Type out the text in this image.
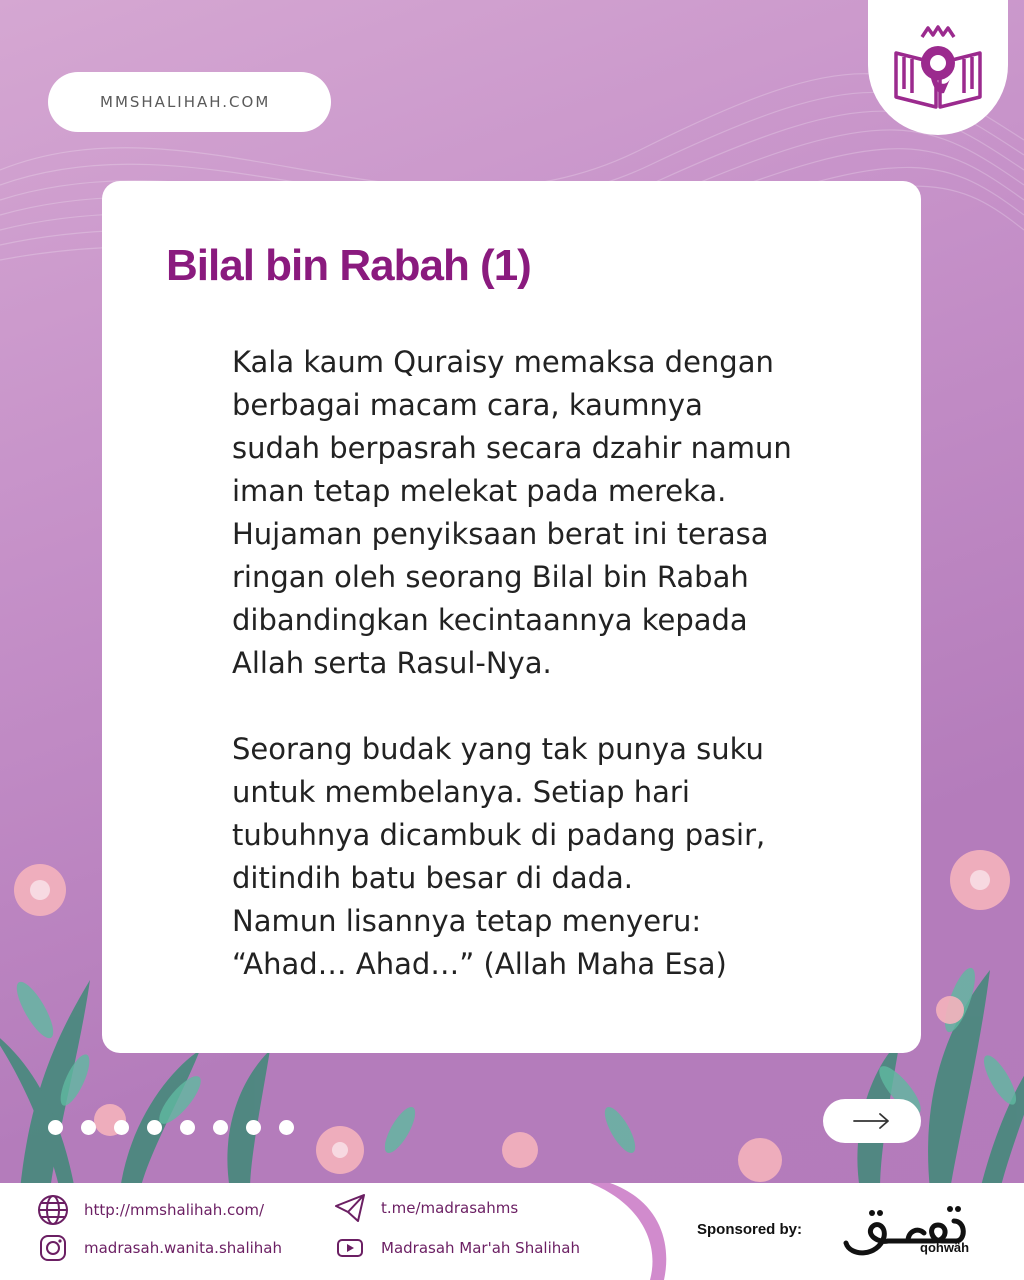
MMSHALIHAH.COM
Bilal bin Rabah (1)

Kala kaum Quraisy memaksa dengan
berbagai macam cara, kaumnya
sudah berpasrah secara dzahir namun
iman tetap melekat pada mereka.
Hujaman penyiksaan berat ini terasa
ringan oleh seorang Bilal bin Rabah
dibandingkan kecintaannya kepada
Allah serta Rasul-Nya.

Seorang budak yang tak punya suku
untuk membelanya. Setiap hari
tubuhnya dicambuk di padang pasir,
ditindih batu besar di dada.
Namun lisannya tetap menyeru:
“Ahad… Ahad…” (Allah Maha Esa)

http://mmshalihah.com/
madrasah.wanita.shalihah
t.me/madrasahms
Madrasah Mar'ah Shalihah
Sponsored by:
qohwäh
